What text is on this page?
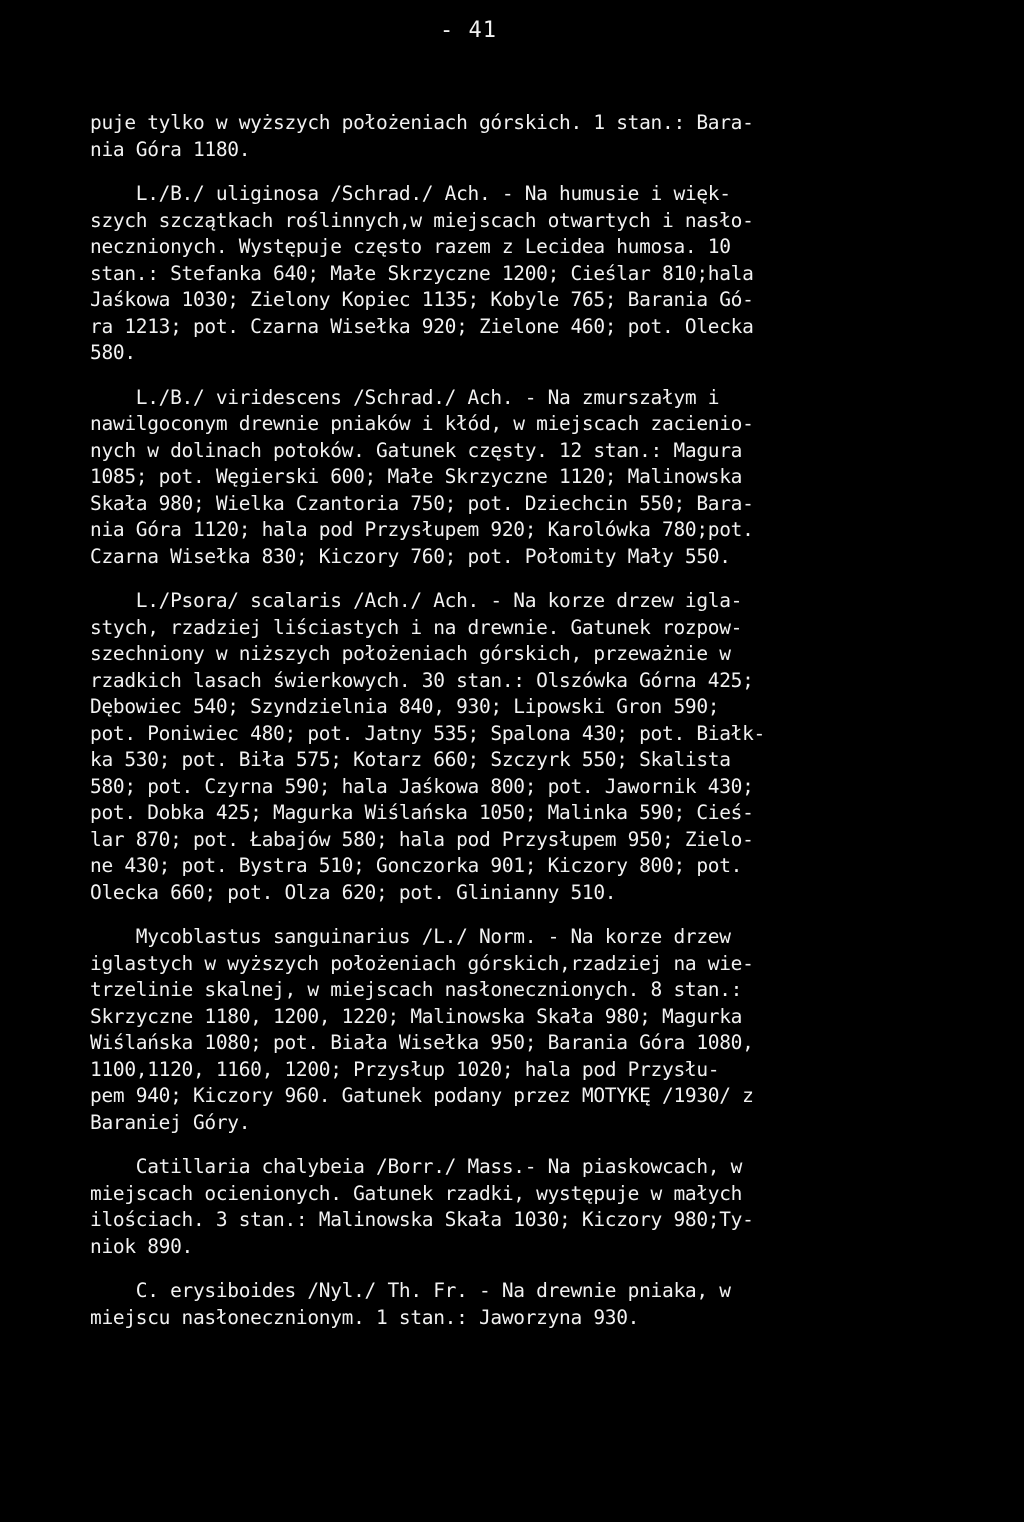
- 41
puje tylko w wyższych położeniach górskich. 1 stan.: Bara-
nia Góra 1180.
L./B./ uliginosa /Schrad./ Ach. - Na humusie i więk-
szych szczątkach roślinnych,w miejscach otwartych i nasło-
necznionych. Występuje często razem z Lecidea humosa. 10
stan.: Stefanka 640; Małe Skrzyczne 1200; Cieślar 810;hala
Jaśkowa 1030; Zielony Kopiec 1135; Kobyle 765; Barania Gó-
ra 1213; pot. Czarna Wisełka 920; Zielone 460; pot. Olecka
580.
L./B./ viridescens /Schrad./ Ach. - Na zmurszałym i
nawilgoconym drewnie pniaków i kłód, w miejscach zacienio-
nych w dolinach potoków. Gatunek częsty. 12 stan.: Magura
1085; pot. Węgierski 600; Małe Skrzyczne 1120; Malinowska
Skała 980; Wielka Czantoria 750; pot. Dziechcin 550; Bara-
nia Góra 1120; hala pod Przysłupem 920; Karolówka 780;pot.
Czarna Wisełka 830; Kiczory 760; pot. Połomity Mały 550.
L./Psora/ scalaris /Ach./ Ach. - Na korze drzew igla-
stych, rzadziej liściastych i na drewnie. Gatunek rozpow-
szechniony w niższych położeniach górskich, przeważnie w
rzadkich lasach świerkowych. 30 stan.: Olszówka Górna 425;
Dębowiec 540; Szyndzielnia 840, 930; Lipowski Gron 590;
pot. Poniwiec 480; pot. Jatny 535; Spalona 430; pot. Białk-
ka 530; pot. Biła 575; Kotarz 660; Szczyrk 550; Skalista
580; pot. Czyrna 590; hala Jaśkowa 800; pot. Jawornik 430;
pot. Dobka 425; Magurka Wiślańska 1050; Malinka 590; Cieś-
lar 870; pot. Łabajów 580; hala pod Przysłupem 950; Zielo-
ne 430; pot. Bystra 510; Gonczorka 901; Kiczory 800; pot.
Olecka 660; pot. Olza 620; pot. Glinianny 510.
Mycoblastus sanguinarius /L./ Norm. - Na korze drzew
iglastych w wyższych położeniach górskich,rzadziej na wie-
trzelinie skalnej, w miejscach nasłonecznionych. 8 stan.:
Skrzyczne 1180, 1200, 1220; Malinowska Skała 980; Magurka
Wiślańska 1080; pot. Biała Wisełka 950; Barania Góra 1080,
1100,1120, 1160, 1200; Przysłup 1020; hala pod Przysłu-
pem 940; Kiczory 960. Gatunek podany przez MOTYKĘ /1930/ z
Baraniej Góry.
Catillaria chalybeia /Borr./ Mass.- Na piaskowcach, w
miejscach ocienionych. Gatunek rzadki, występuje w małych
ilościach. 3 stan.: Malinowska Skała 1030; Kiczory 980;Ty-
niok 890.
C. erysiboides /Nyl./ Th. Fr. - Na drewnie pniaka, w
miejscu nasłonecznionym. 1 stan.: Jaworzyna 930.
